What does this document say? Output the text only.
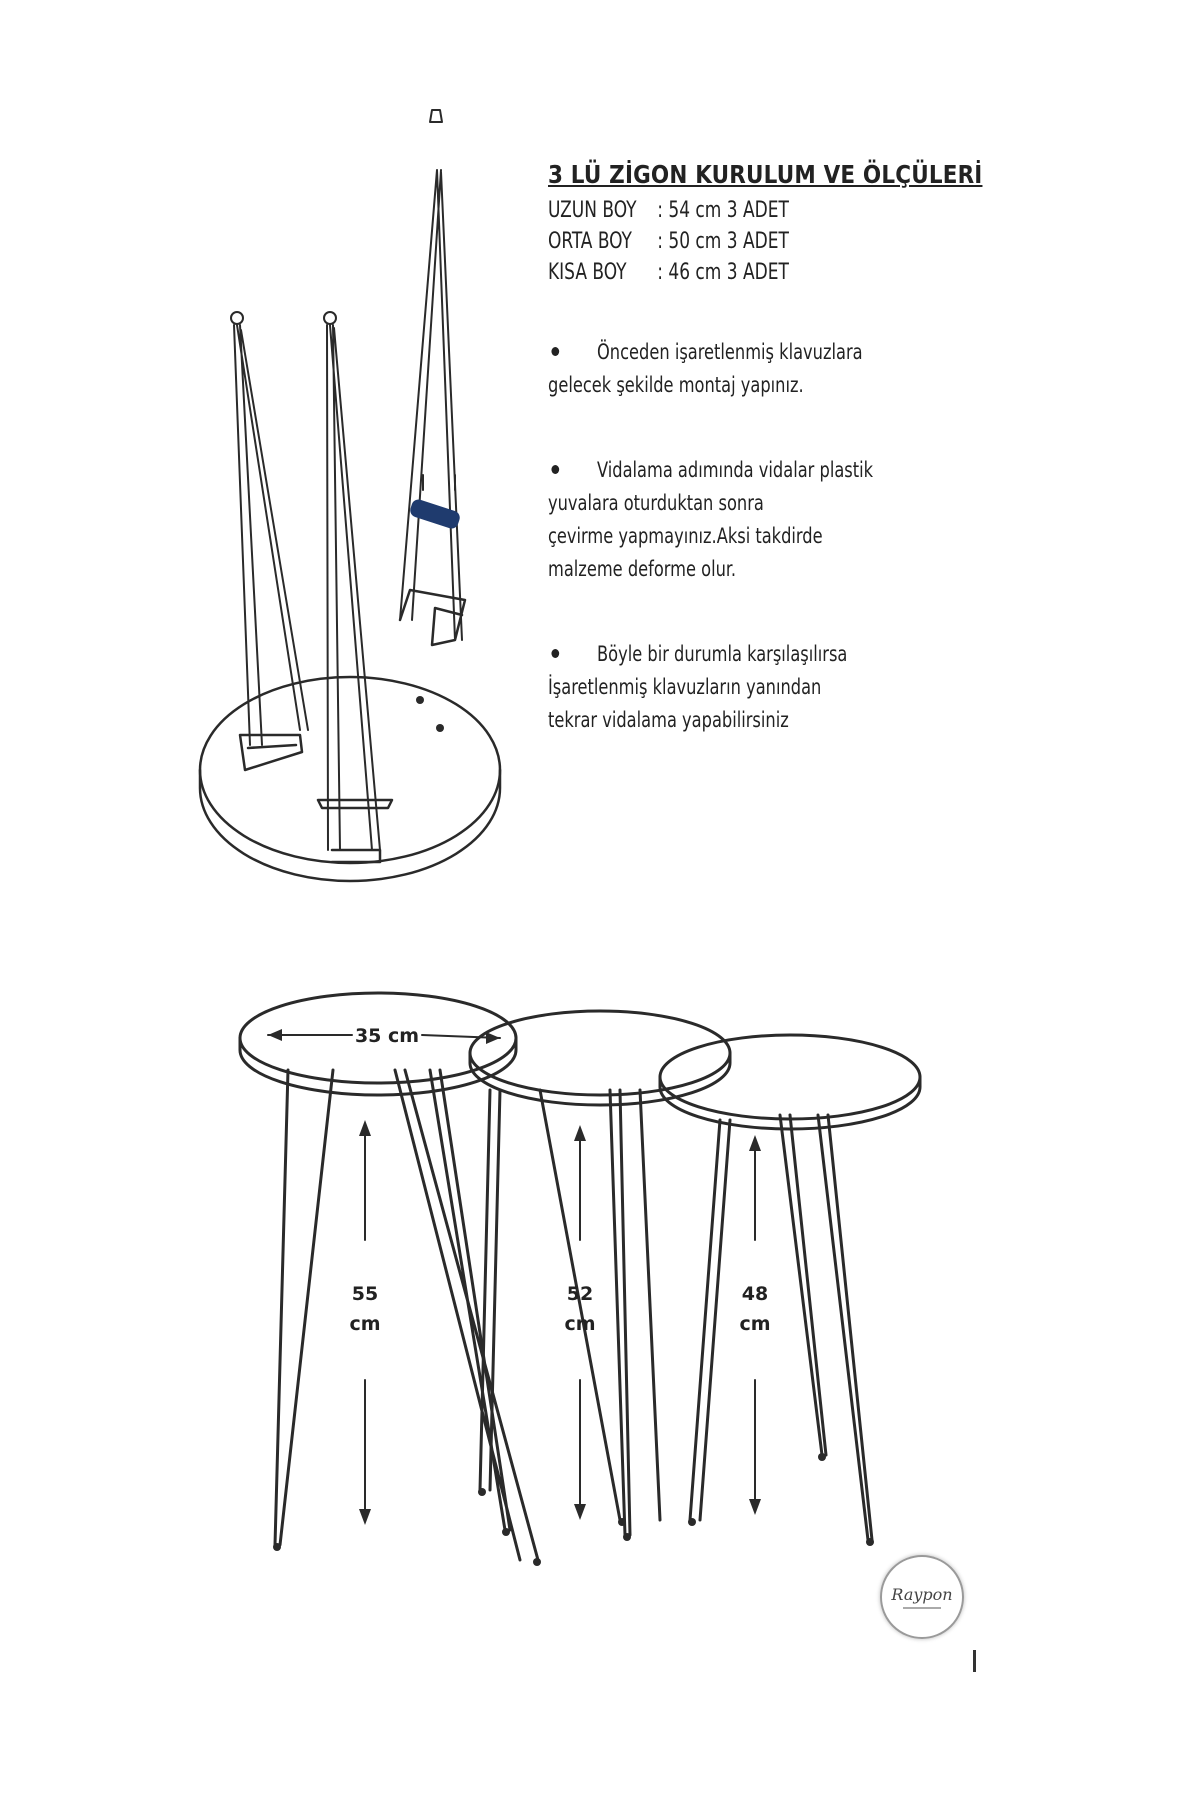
3 LÜ ZİGON KURULUM VE ÖLÇÜLERİ
UZUN BOY : 54 cm 3 ADET
ORTA BOY	: 50 cm 3 ADET
KISA BOY	: 46 cm 3 ADET
Önceden işaretlenmiş klavuzlara
gelecek şekilde montaj yapınız.
Vidalama adımında vidalar plastik
yuvalara oturduktan sonra
çevirme yapmayınız.Aksi takdirde
malzeme deforme olur.
Böyle bir durumla karşılaşılırsa
İşaretlenmiş klavuzların yanından
tekrar vidalama yapabilirsiniz
35 cm
55
cm
52
cm
48
cm
Raypon
